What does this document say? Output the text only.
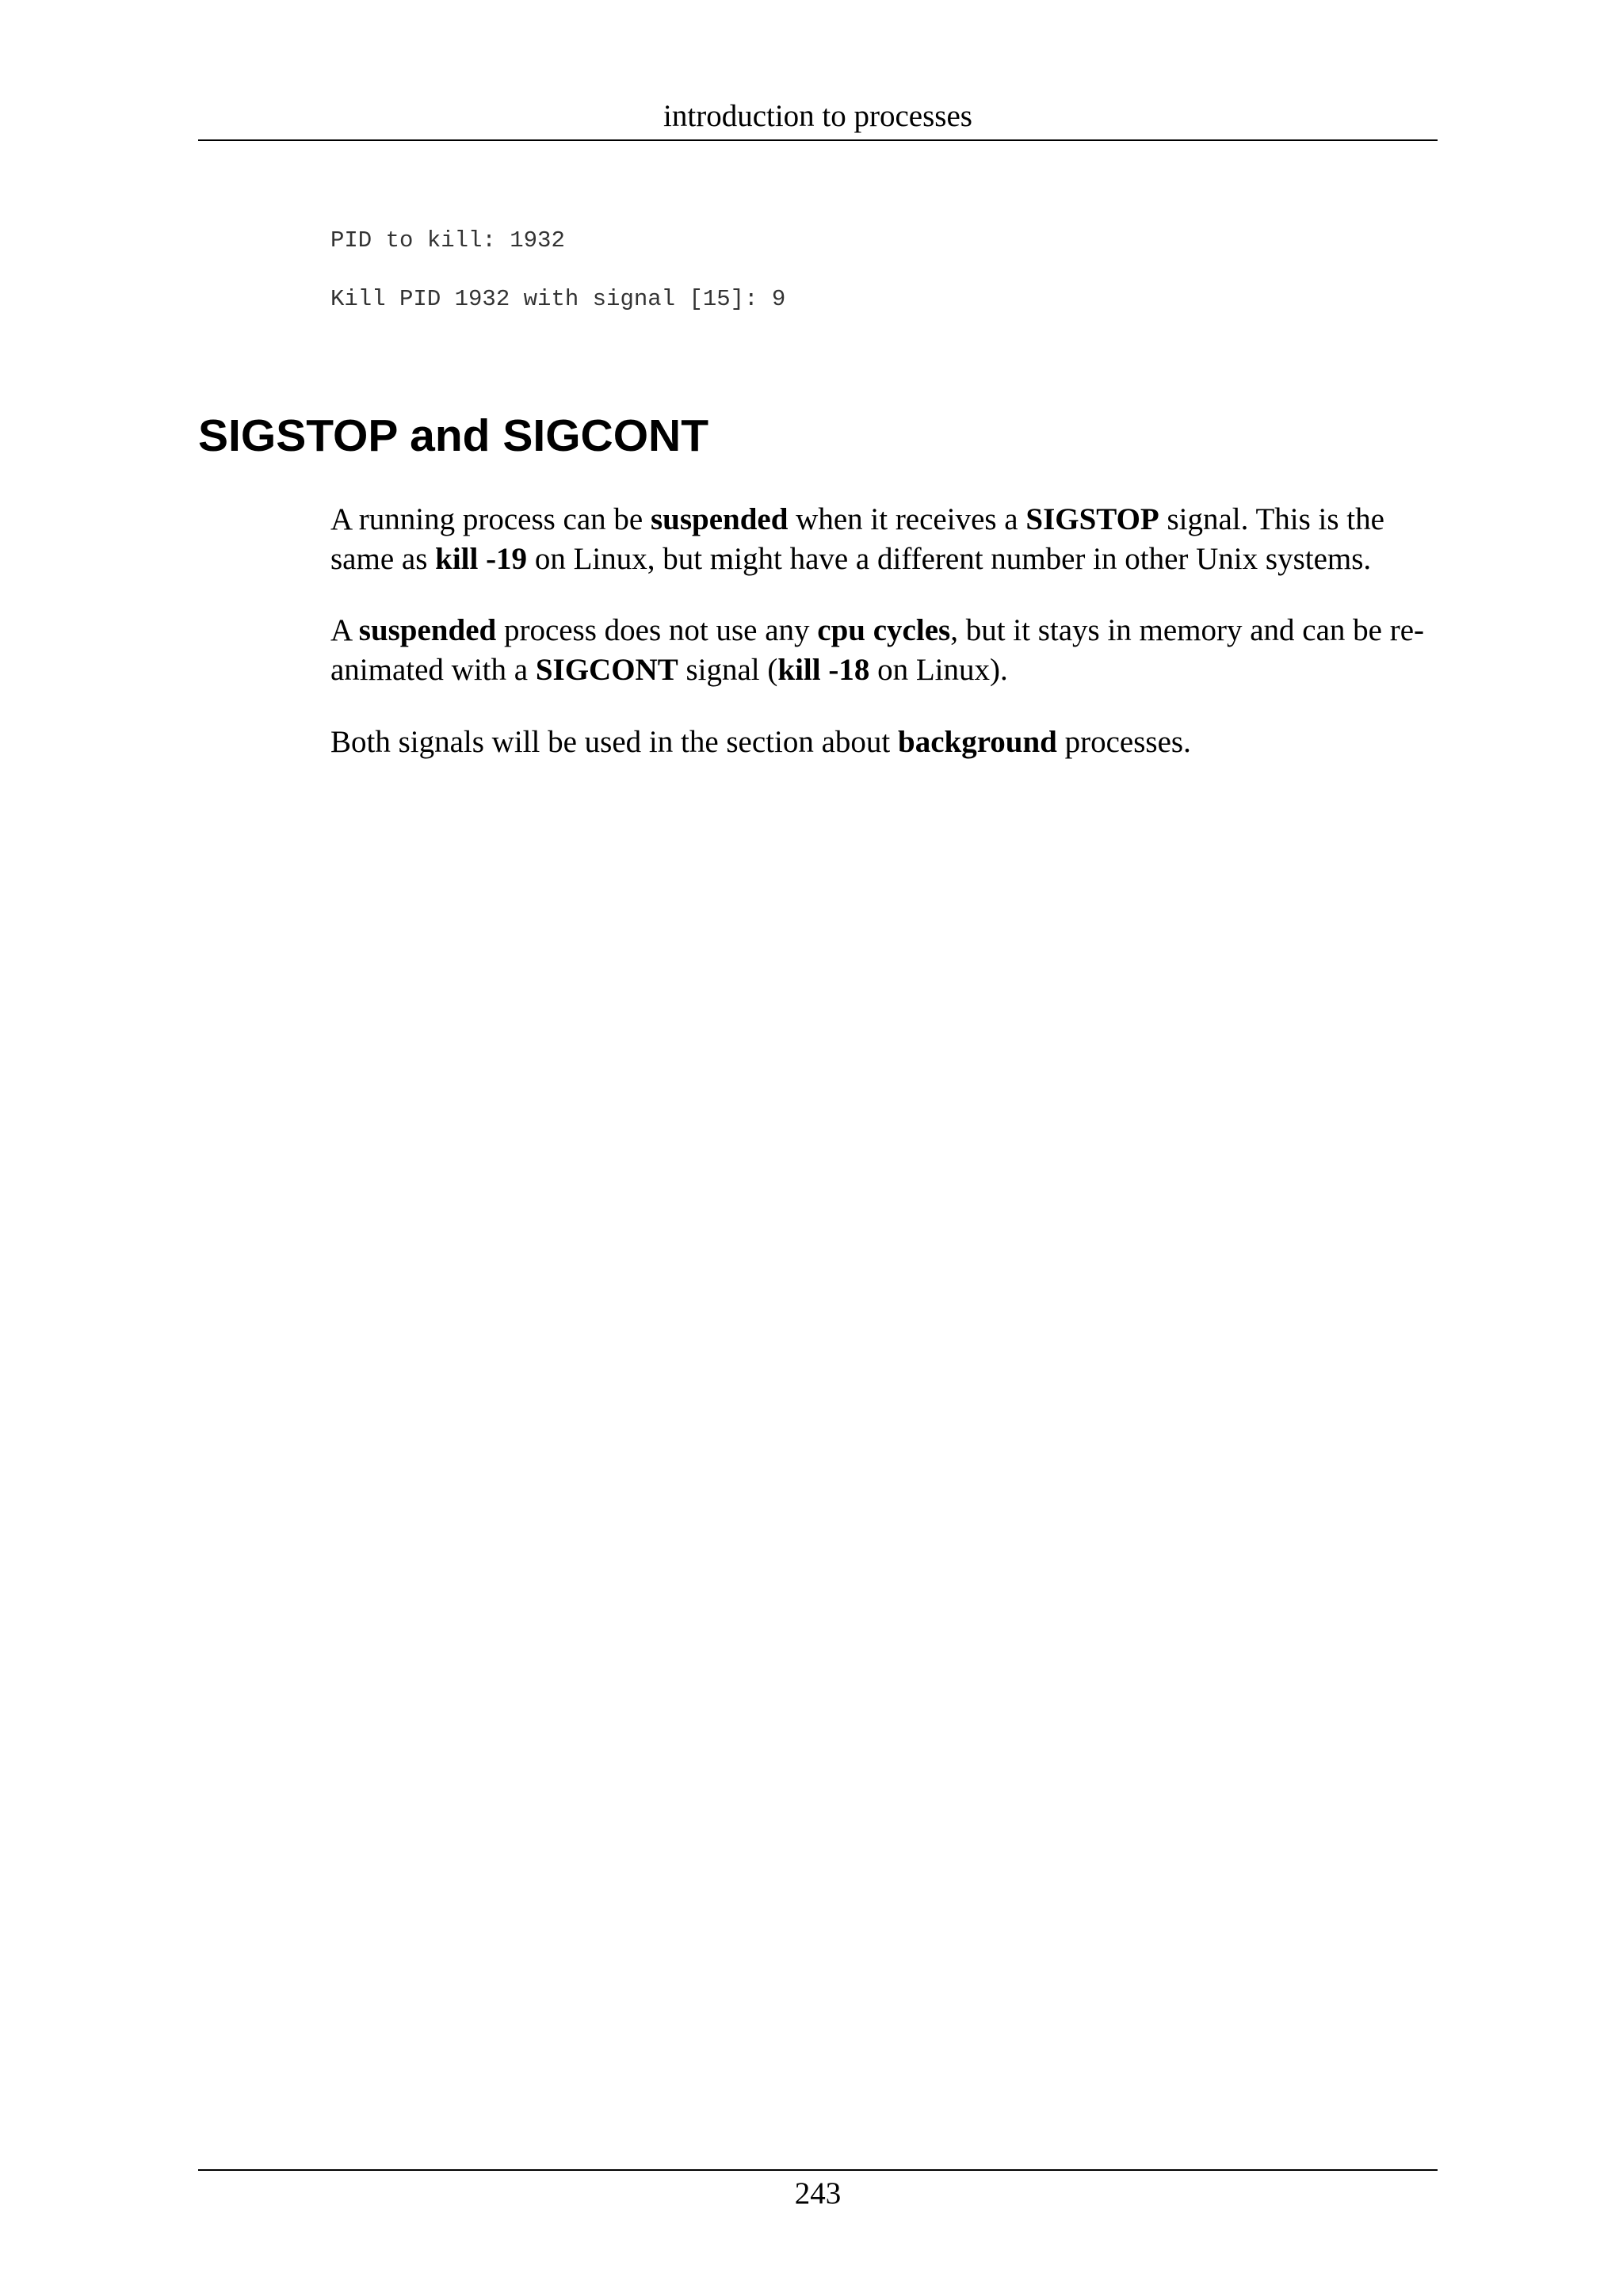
introduction to processes
PID to kill: 1932
Kill PID 1932 with signal [15]: 9
SIGSTOP and SIGCONT

A running process can be suspended when it receives a SIGSTOP signal. This is the same as kill -19 on Linux, but might have a different number in other Unix systems.

A suspended process does not use any cpu cycles, but it stays in memory and can be re-animated with a SIGCONT signal (kill -18 on Linux).

Both signals will be used in the section about background processes.

243
